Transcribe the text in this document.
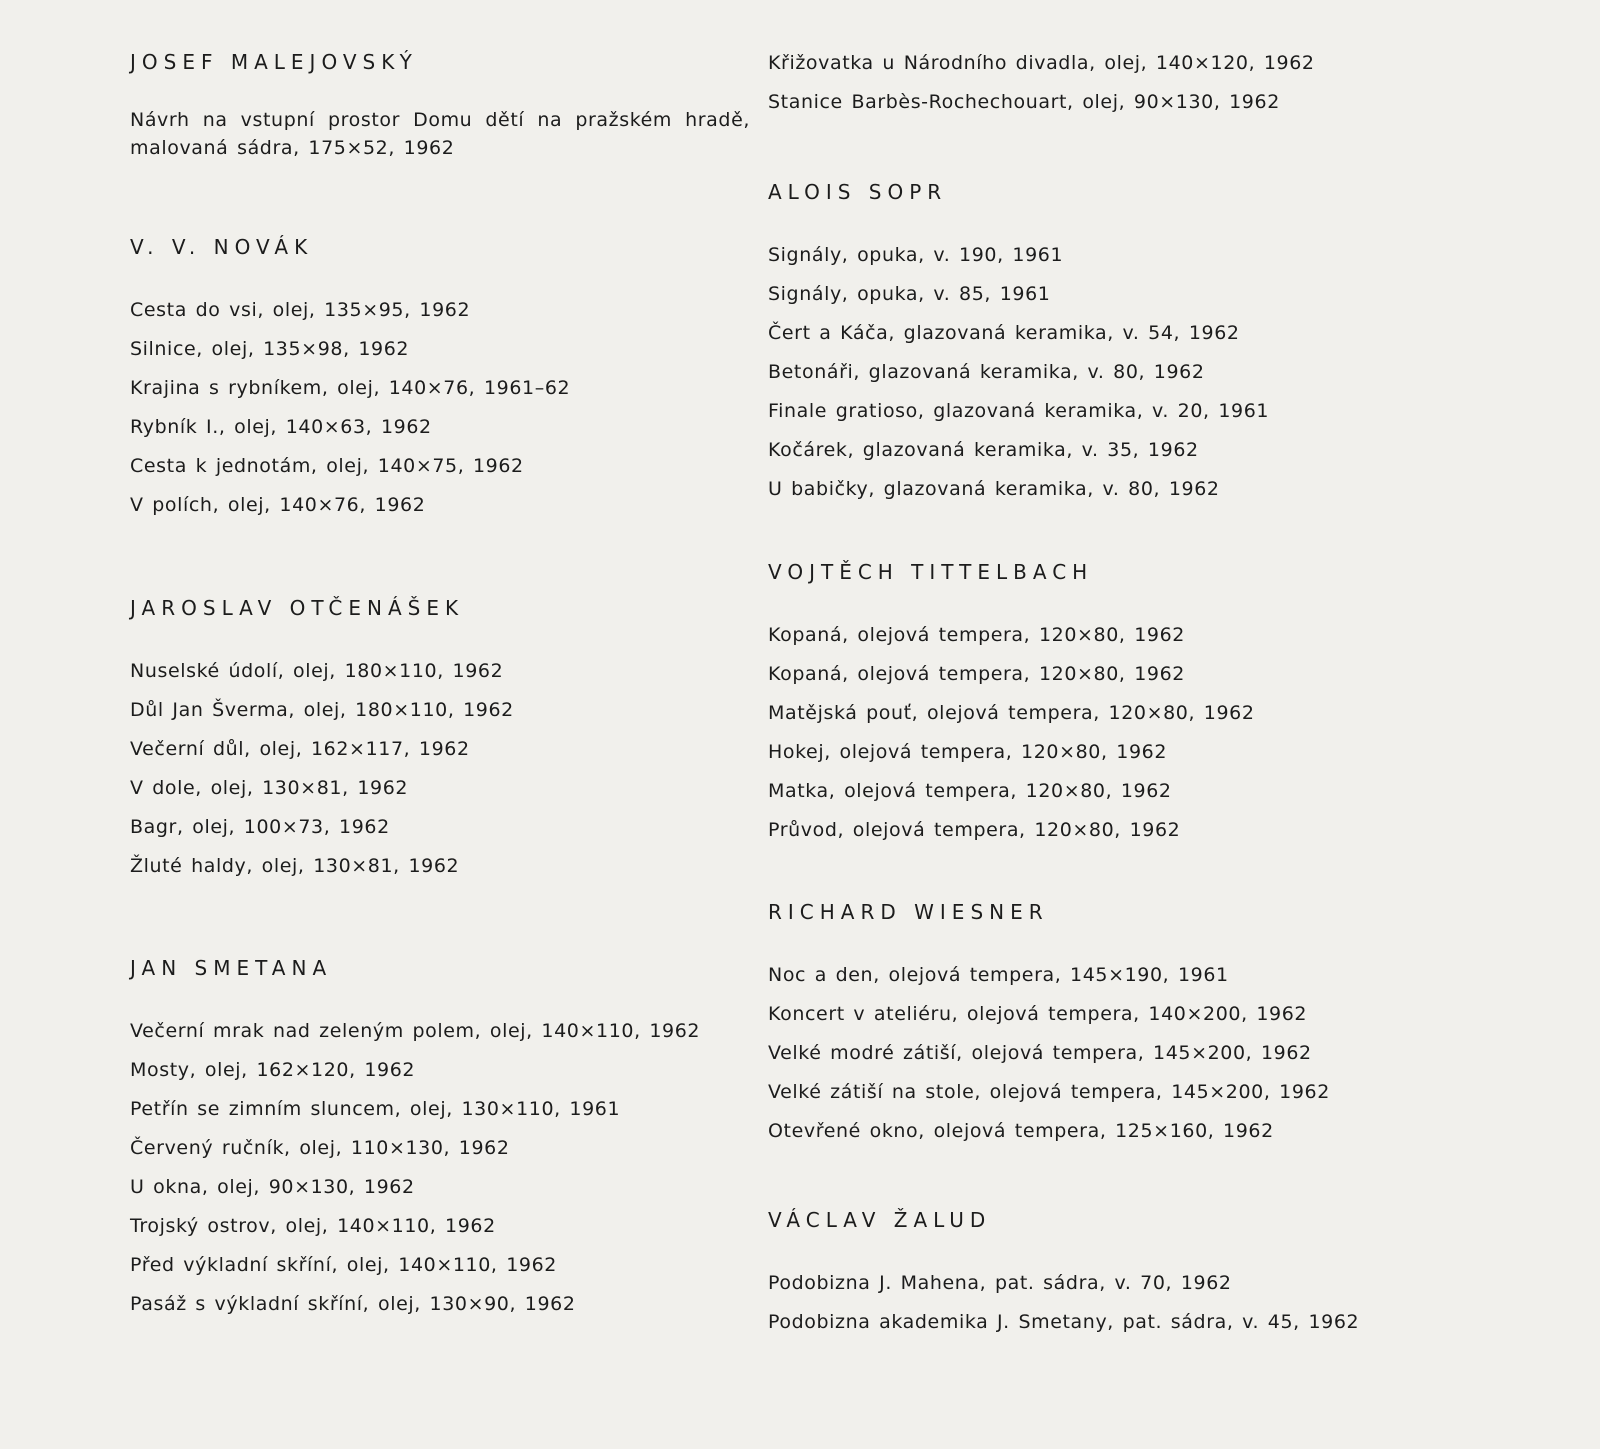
JOSEF MALEJOVSKÝ
Návrh na vstupní prostor Domu dětí na pražském hradě, malovaná sádra, 175×52, 1962
V. V. NOVÁK
Cesta do vsi, olej, 135×95, 1962
Silnice, olej, 135×98, 1962
Krajina s rybníkem, olej, 140×76, 1961–62
Rybník I., olej, 140×63, 1962
Cesta k jednotám, olej, 140×75, 1962
V polích, olej, 140×76, 1962
JAROSLAV OTČENÁŠEK
Nuselské údolí, olej, 180×110, 1962
Důl Jan Šverma, olej, 180×110, 1962
Večerní důl, olej, 162×117, 1962
V dole, olej, 130×81, 1962
Bagr, olej, 100×73, 1962
Žluté haldy, olej, 130×81, 1962
JAN SMETANA
Večerní mrak nad zeleným polem, olej, 140×110, 1962
Mosty, olej, 162×120, 1962
Petřín se zimním sluncem, olej, 130×110, 1961
Červený ručník, olej, 110×130, 1962
U okna, olej, 90×130, 1962
Trojský ostrov, olej, 140×110, 1962
Před výkladní skříní, olej, 140×110, 1962
Pasáž s výkladní skříní, olej, 130×90, 1962
Křižovatka u Národního divadla, olej, 140×120, 1962
Stanice Barbès-Rochechouart, olej, 90×130, 1962
ALOIS SOPR
Signály, opuka, v. 190, 1961
Signály, opuka, v. 85, 1961
Čert a Káča, glazovaná keramika, v. 54, 1962
Betonáři, glazovaná keramika, v. 80, 1962
Finale gratioso, glazovaná keramika, v. 20, 1961
Kočárek, glazovaná keramika, v. 35, 1962
U babičky, glazovaná keramika, v. 80, 1962
VOJTĚCH TITTELBACH
Kopaná, olejová tempera, 120×80, 1962
Kopaná, olejová tempera, 120×80, 1962
Matějská pouť, olejová tempera, 120×80, 1962
Hokej, olejová tempera, 120×80, 1962
Matka, olejová tempera, 120×80, 1962
Průvod, olejová tempera, 120×80, 1962
RICHARD WIESNER
Noc a den, olejová tempera, 145×190, 1961
Koncert v ateliéru, olejová tempera, 140×200, 1962
Velké modré zátiší, olejová tempera, 145×200, 1962
Velké zátiší na stole, olejová tempera, 145×200, 1962
Otevřené okno, olejová tempera, 125×160, 1962
VÁCLAV ŽALUD
Podobizna J. Mahena, pat. sádra, v. 70, 1962
Podobizna akademika J. Smetany, pat. sádra, v. 45, 1962
